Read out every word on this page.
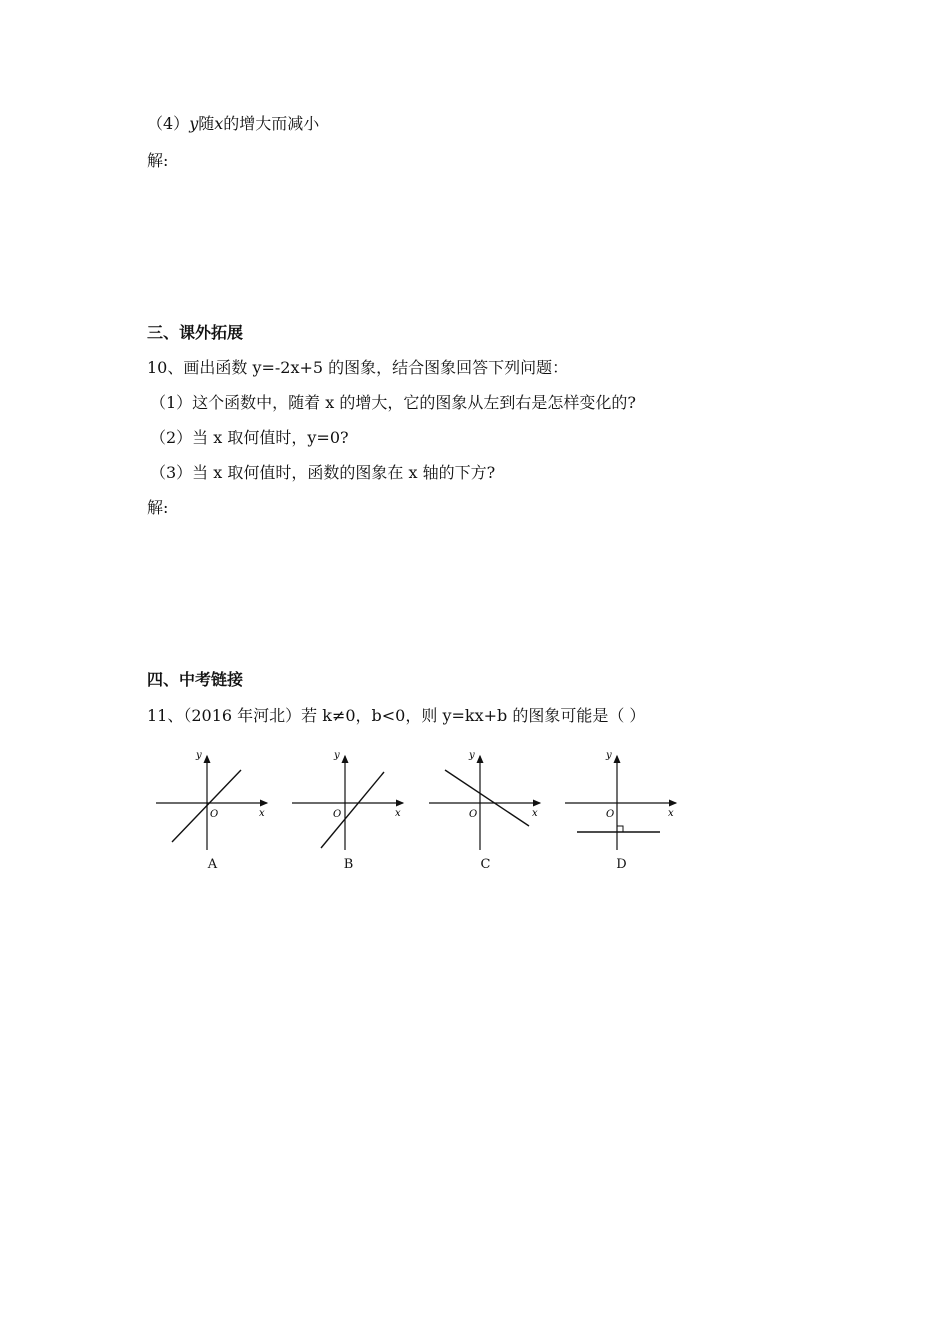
（4）y随x的增大而减小
解:
三、课外拓展
10、画出函数 y=-2x+5 的图象，结合图象回答下列问题：
（1）这个函数中，随着 x 的增大，它的图象从左到右是怎样变化的?
（2）当 x 取何值时，y=0?
（3）当 x 取何值时，函数的图象在 x 轴的下方?
解:
四、中考链接
11、（2016 年河北）若 k≠0，b<0，则 y=kx+b 的图象可能是（ ）
y
x
O
A
y
x
O
B
y
x
O
C
y
x
O
D
